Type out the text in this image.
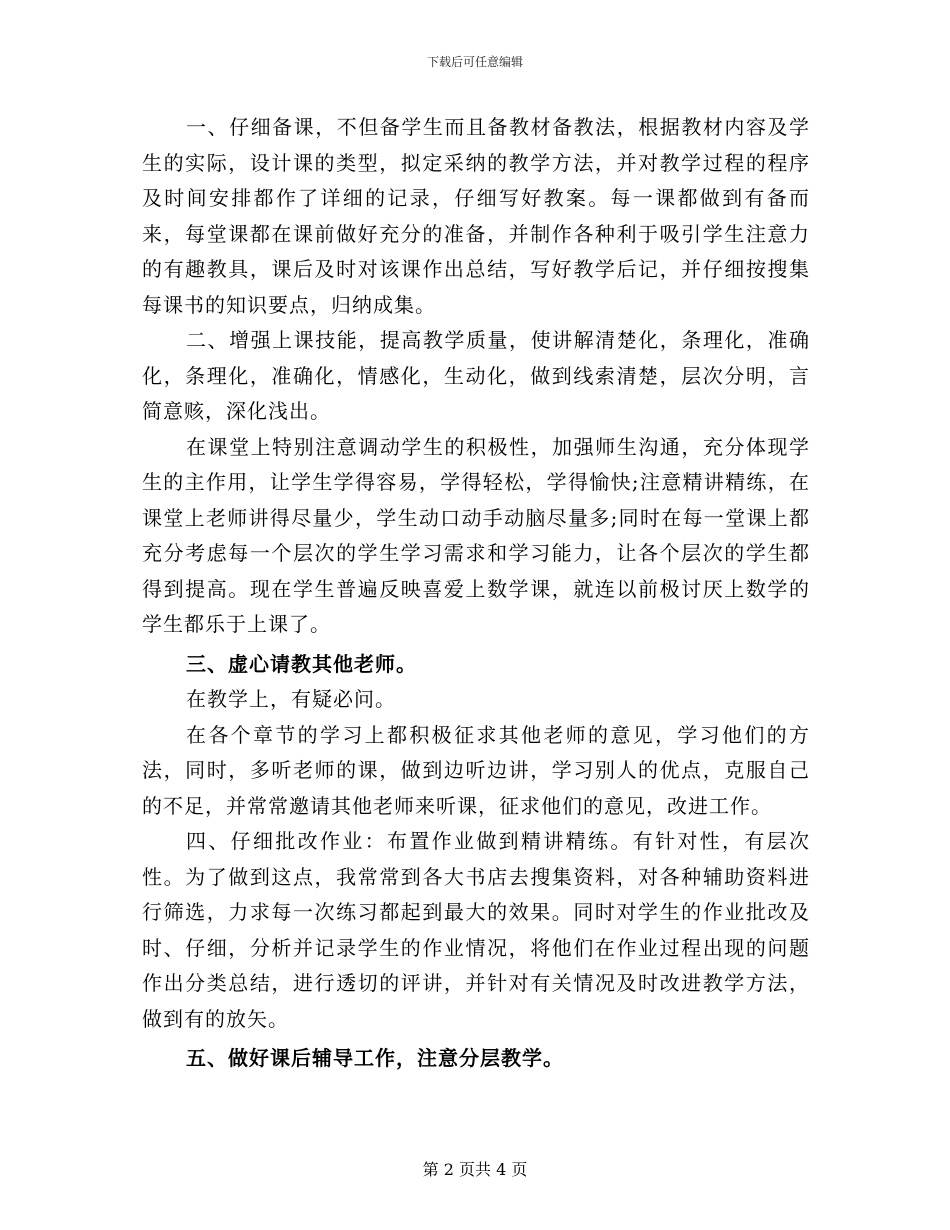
下载后可任意编辑

一、仔细备课，不但备学生而且备教材备教法，根据教材内容及学生的实际，设计课的类型，拟定采纳的教学方法，并对教学过程的程序及时间安排都作了详细的记录，仔细写好教案。每一课都做到有备而来，每堂课都在课前做好充分的准备，并制作各种利于吸引学生注意力的有趣教具，课后及时对该课作出总结，写好教学后记，并仔细按搜集每课书的知识要点，归纳成集。

二、增强上课技能，提高教学质量，使讲解清楚化，条理化，准确化，条理化，准确化，情感化，生动化，做到线索清楚，层次分明，言简意赅，深化浅出。

在课堂上特别注意调动学生的积极性，加强师生沟通，充分体现学生的主作用，让学生学得容易，学得轻松，学得愉快;注意精讲精练，在课堂上老师讲得尽量少，学生动口动手动脑尽量多;同时在每一堂课上都充分考虑每一个层次的学生学习需求和学习能力，让各个层次的学生都得到提高。现在学生普遍反映喜爱上数学课，就连以前极讨厌上数学的学生都乐于上课了。

三、虚心请教其他老师。

在教学上，有疑必问。

在各个章节的学习上都积极征求其他老师的意见，学习他们的方法，同时，多听老师的课，做到边听边讲，学习别人的优点，克服自己的不足，并常常邀请其他老师来听课，征求他们的意见，改进工作。

四、仔细批改作业：布置作业做到精讲精练。有针对性，有层次性。为了做到这点，我常常到各大书店去搜集资料，对各种辅助资料进行筛选，力求每一次练习都起到最大的效果。同时对学生的作业批改及时、仔细，分析并记录学生的作业情况，将他们在作业过程出现的问题作出分类总结，进行透切的评讲，并针对有关情况及时改进教学方法，做到有的放矢。

五、做好课后辅导工作，注意分层教学。

第 2 页共 4 页
